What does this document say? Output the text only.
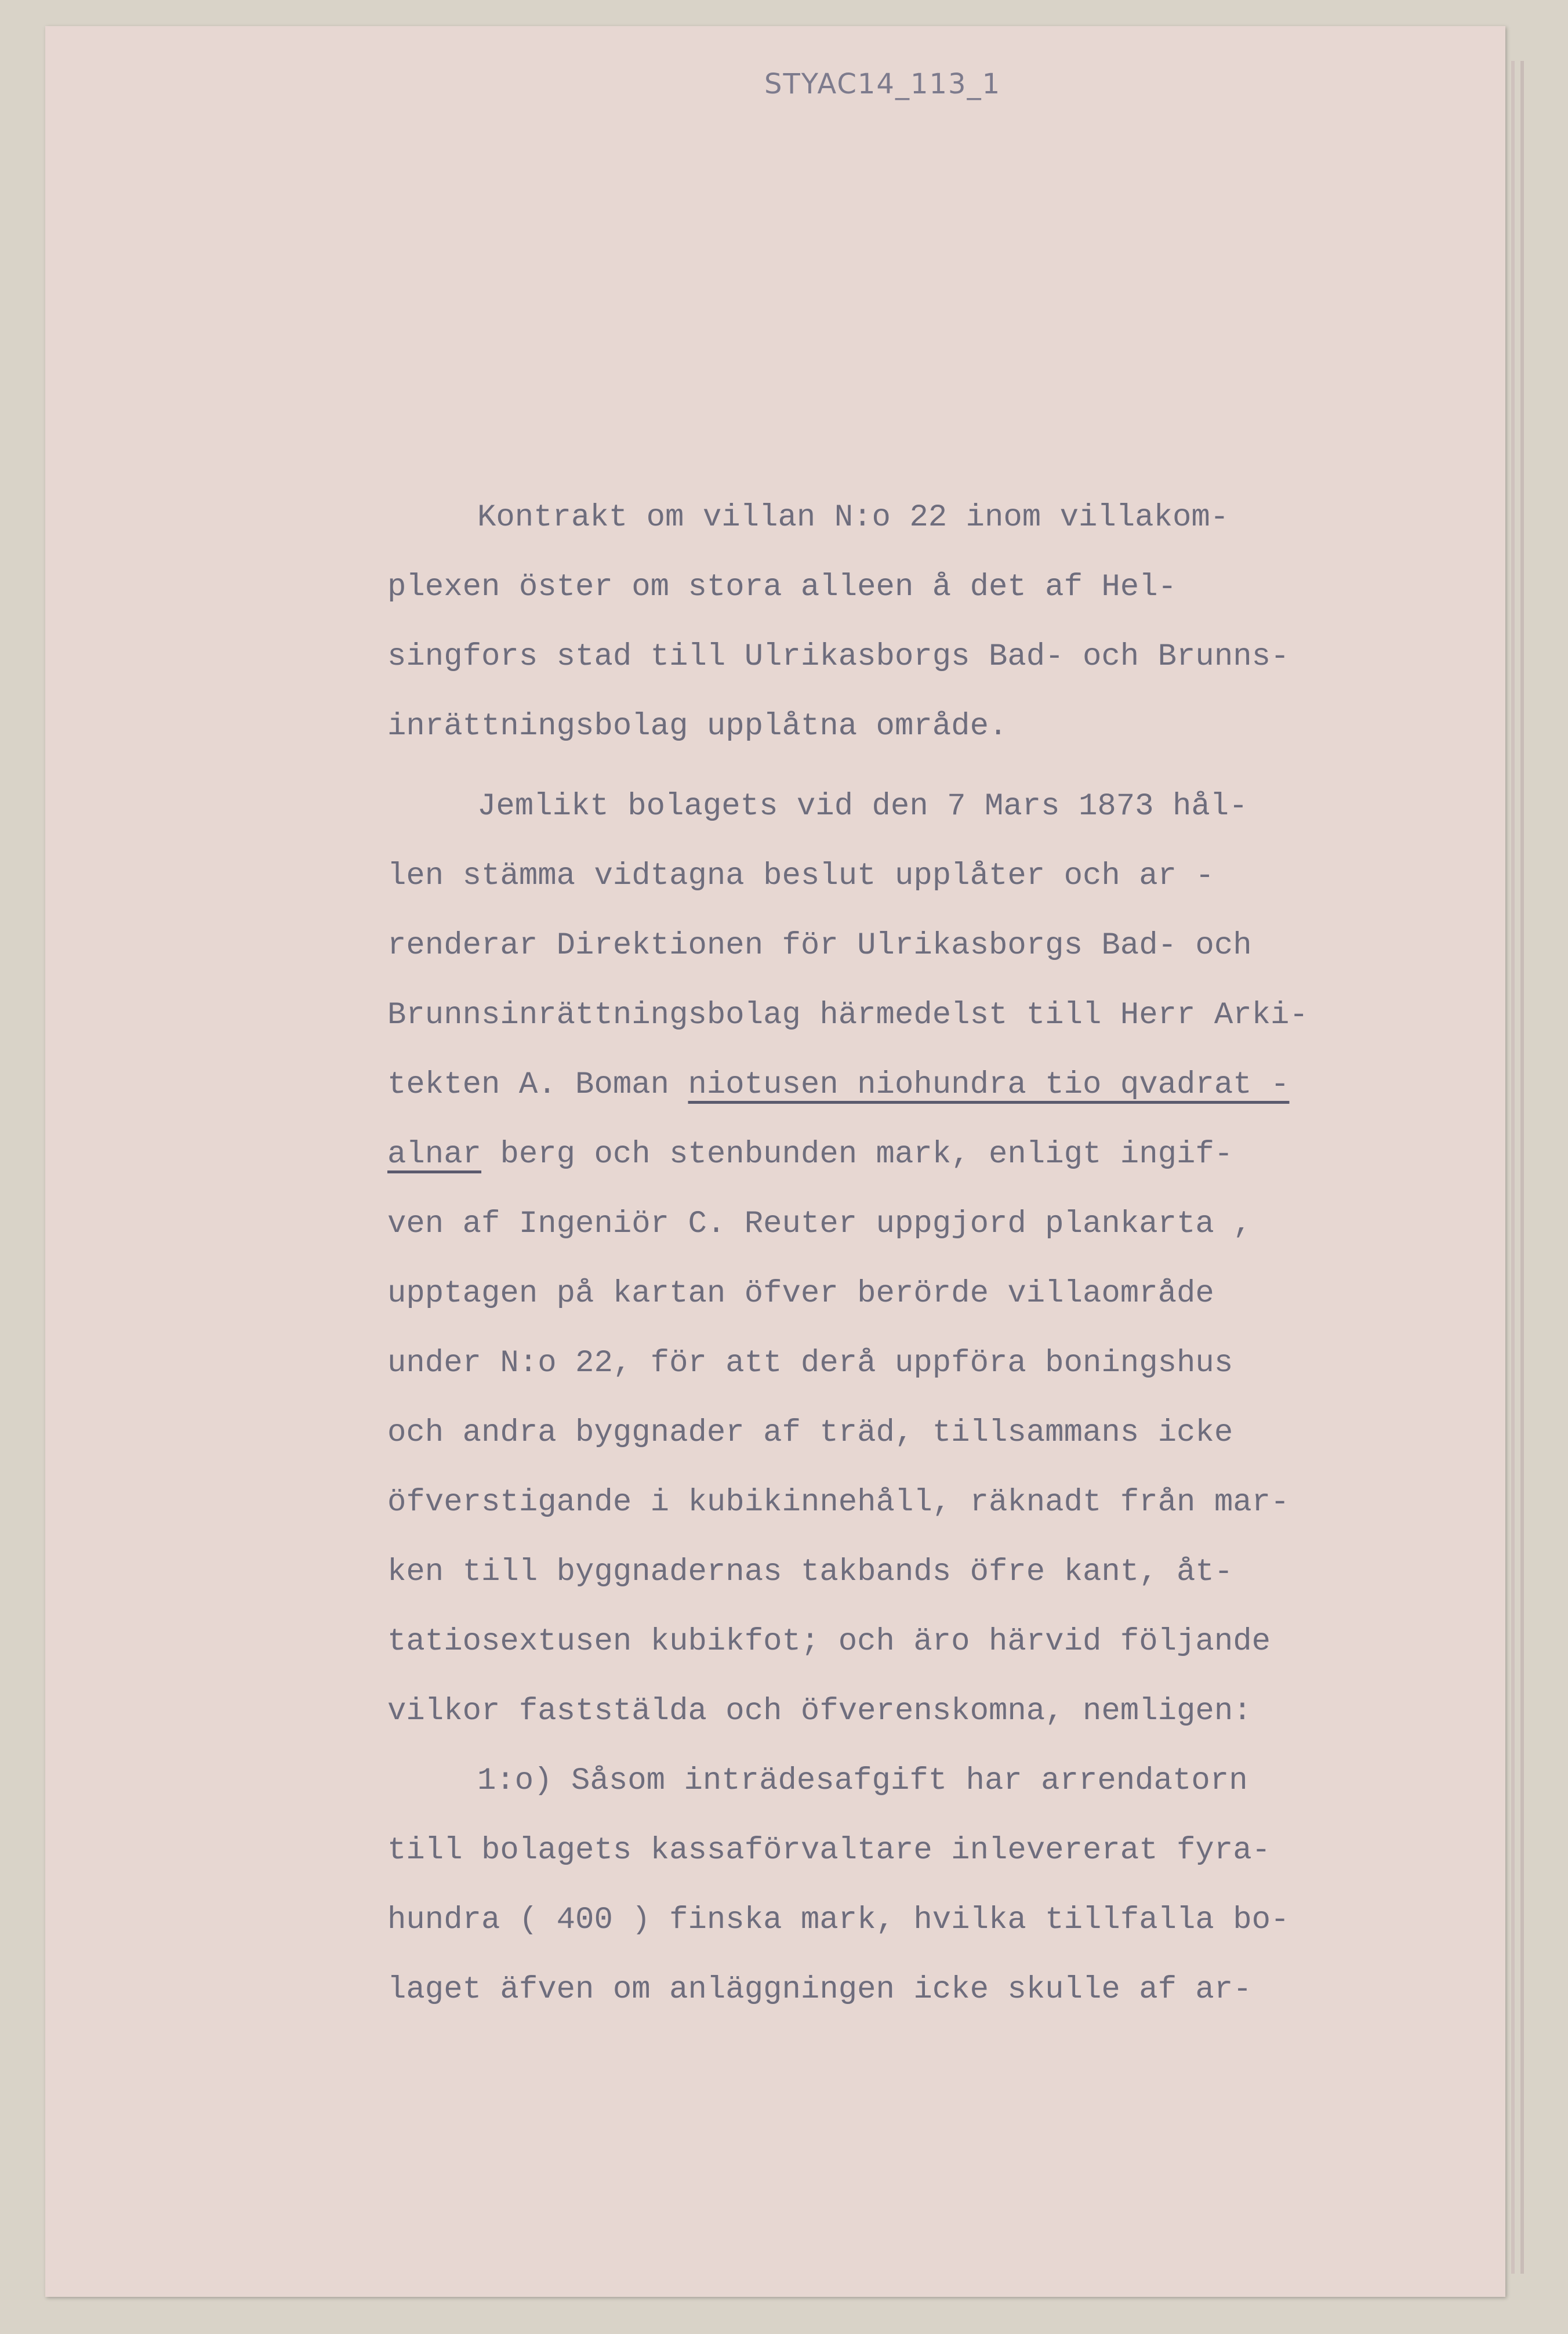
STYAC14_113_1
Kontrakt om villan N:o 22 inom villakom-
plexen öster om stora alleen å det af Hel-
singfors stad till Ulrikasborgs Bad- och Brunns-
inrättningsbolag upplåtna område.
Jemlikt bolagets vid den 7 Mars 1873 hål-
len stämma vidtagna beslut upplåter och ar -
renderar Direktionen för Ulrikasborgs Bad- och
Brunnsinrättningsbolag härmedelst till Herr Arki-
tekten A. Boman niotusen niohundra tio qvadrat -
alnar berg och stenbunden mark, enligt ingif-
ven af Ingeniör C. Reuter uppgjord plankarta ,
upptagen på kartan öfver berörde villaområde
under N:o 22, för att derå uppföra boningshus
och andra byggnader af träd, tillsammans icke
öfverstigande i kubikinnehåll, räknadt från mar-
ken till byggnadernas takbands öfre kant, åt-
tatiosextusen kubikfot; och äro härvid följande
vilkor faststälda och öfverenskomna, nemligen:
1:o) Såsom inträdesafgift har arrendatorn
till bolagets kassaförvaltare inlevererat fyra-
hundra ( 400 ) finska mark, hvilka tillfalla bo-
laget äfven om anläggningen icke skulle af ar-
